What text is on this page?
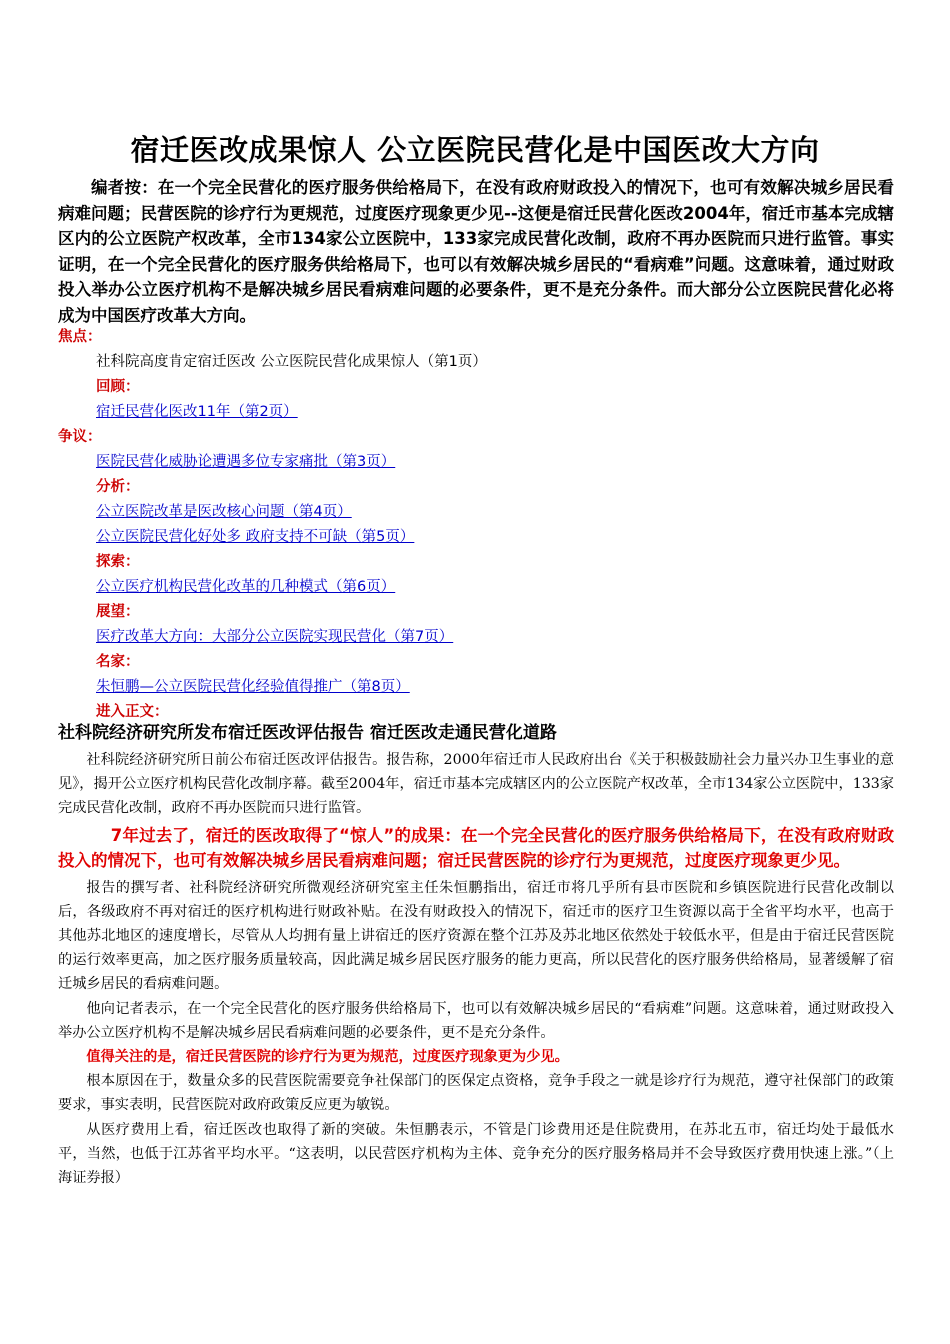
宿迁医改成果惊人 公立医院民营化是中国医改大方向

编者按：在一个完全民营化的医疗服务供给格局下，在没有政府财政投入的情况下，也可有效解决城乡居民看病难问题；民营医院的诊疗行为更规范，过度医疗现象更少见--这便是宿迁民营化医改2004年，宿迁市基本完成辖区内的公立医院产权改革，全市134家公立医院中，133家完成民营化改制，政府不再办医院而只进行监管。事实证明，在一个完全民营化的医疗服务供给格局下，也可以有效解决城乡居民的“看病难”问题。这意味着，通过财政投入举办公立医疗机构不是解决城乡居民看病难问题的必要条件，更不是充分条件。而大部分公立医院民营化必将成为中国医疗改革大方向。

焦点：
社科院高度肯定宿迁医改 公立医院民营化成果惊人（第1页）
回顾：
宿迁民营化医改11年（第2页）
争议：
医院民营化威胁论遭遇多位专家痛批（第3页）
分析：
公立医院改革是医改核心问题（第4页）
公立医院民营化好处多 政府支持不可缺（第5页）
探索：
公立医疗机构民营化改革的几种模式（第6页）
展望：
医疗改革大方向：大部分公立医院实现民营化（第7页）
名家：
朱恒鹏—公立医院民营化经验值得推广（第8页）
进入正文：
社科院经济研究所发布宿迁医改评估报告 宿迁医改走通民营化道路

社科院经济研究所日前公布宿迁医改评估报告。报告称，2000年宿迁市人民政府出台《关于积极鼓励社会力量兴办卫生事业的意见》，揭开公立医疗机构民营化改制序幕。截至2004年，宿迁市基本完成辖区内的公立医院产权改革，全市134家公立医院中，133家完成民营化改制，政府不再办医院而只进行监管。

7年过去了，宿迁的医改取得了“惊人”的成果：在一个完全民营化的医疗服务供给格局下，在没有政府财政投入的情况下，也可有效解决城乡居民看病难问题；宿迁民营医院的诊疗行为更规范，过度医疗现象更少见。

报告的撰写者、社科院经济研究所微观经济研究室主任朱恒鹏指出，宿迁市将几乎所有县市医院和乡镇医院进行民营化改制以后，各级政府不再对宿迁的医疗机构进行财政补贴。在没有财政投入的情况下，宿迁市的医疗卫生资源以高于全省平均水平，也高于其他苏北地区的速度增长，尽管从人均拥有量上讲宿迁的医疗资源在整个江苏及苏北地区依然处于较低水平，但是由于宿迁民营医院的运行效率更高，加之医疗服务质量较高，因此满足城乡居民医疗服务的能力更高，所以民营化的医疗服务供给格局，显著缓解了宿迁城乡居民的看病难问题。

他向记者表示，在一个完全民营化的医疗服务供给格局下，也可以有效解决城乡居民的“看病难”问题。这意味着，通过财政投入举办公立医疗机构不是解决城乡居民看病难问题的必要条件，更不是充分条件。

值得关注的是，宿迁民营医院的诊疗行为更为规范，过度医疗现象更为少见。

根本原因在于，数量众多的民营医院需要竞争社保部门的医保定点资格，竞争手段之一就是诊疗行为规范，遵守社保部门的政策要求，事实表明，民营医院对政府政策反应更为敏锐。

从医疗费用上看，宿迁医改也取得了新的突破。朱恒鹏表示，不管是门诊费用还是住院费用，在苏北五市，宿迁均处于最低水平，当然，也低于江苏省平均水平。“这表明，以民营医疗机构为主体、竞争充分的医疗服务格局并不会导致医疗费用快速上涨。”（上海证券报）
